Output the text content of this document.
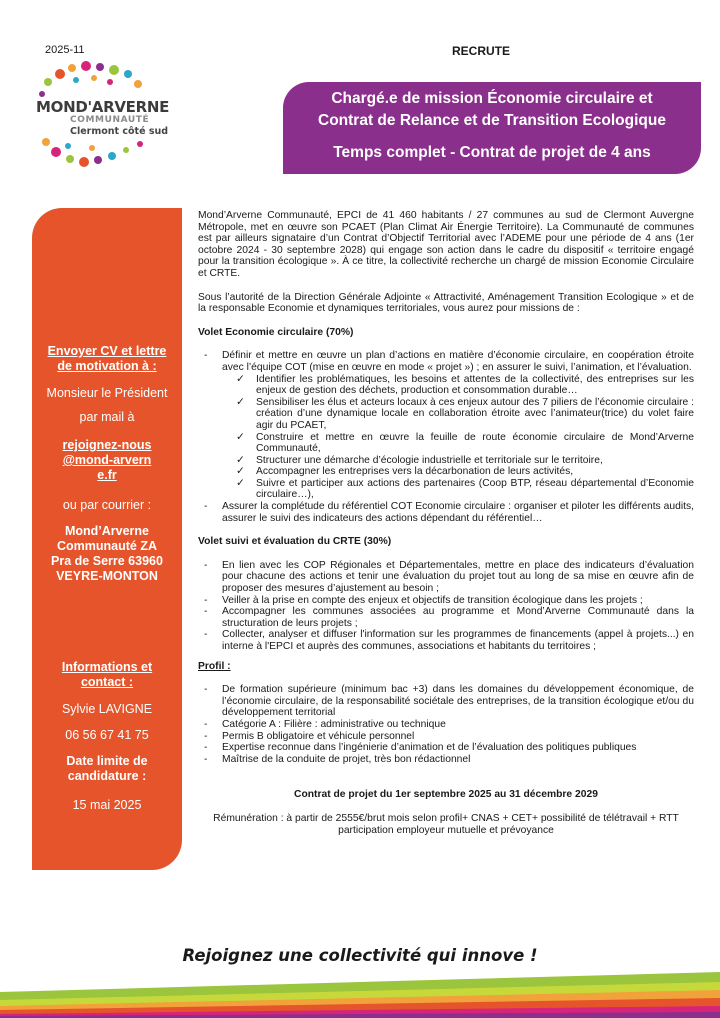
2025-11
MOND'ARVERNE
COMMUNAUTÉ
Clermont côté sud
RECRUTE
Chargé.e de mission Économie circulaire et
Contrat de Relance et de Transition Ecologique
Temps complet - Contrat de projet de 4 ans
Envoyer CV et lettre de motivation à :
Monsieur le Président
par mail à
rejoignez-nous@mond-arverne.fr
ou par courrier :
Mond’Arverne Communauté ZA Pra de Serre 63960 VEYRE-MONTON
Informations et contact :
Sylvie LAVIGNE
06 56 67 41 75
Date limite de candidature :
15 mai 2025

Mond’Arverne Communauté, EPCI de 41 460 habitants / 27 communes au sud de Clermont Auvergne Métropole, met en œuvre son PCAET (Plan Climat Air Énergie Territoire). La Communauté de communes est par ailleurs signataire d’un Contrat d’Objectif Territorial avec l’ADEME pour une période de 4 ans (1er octobre 2024 - 30 septembre 2028) qui engage son action dans le cadre du dispositif « territoire engagé pour la transition écologique ». À ce titre, la collectivité recherche un chargé de mission Economie Circulaire et CRTE.

Sous l’autorité de la Direction Générale Adjointe « Attractivité, Aménagement Transition Ecologique » et de la responsable Economie et dynamiques territoriales, vous aurez pour missions de :

Volet Economie circulaire (70%)

- Définir et mettre en œuvre un plan d’actions en matière d’économie circulaire, en coopération étroite avec l’équipe COT (mise en œuvre en mode « projet ») ; en assurer le suivi, l’animation, et l’évaluation.
✓ Identifier les problématiques, les besoins et attentes de la collectivité, des entreprises sur les enjeux de gestion des déchets, production et consommation durable…
✓ Sensibiliser les élus et acteurs locaux à ces enjeux autour des 7 piliers de l’économie circulaire : création d’une dynamique locale en collaboration étroite avec l’animateur(trice) du volet faire agir du PCAET,
✓ Construire et mettre en œuvre la feuille de route économie circulaire de Mond’Arverne Communauté,
✓ Structurer une démarche d’écologie industrielle et territoriale sur le territoire,
✓ Accompagner les entreprises vers la décarbonation de leurs activités,
✓ Suivre et participer aux actions des partenaires (Coop BTP, réseau départemental d’Economie circulaire…),
- Assurer la complétude du référentiel COT Economie circulaire : organiser et piloter les différents audits, assurer le suivi des indicateurs des actions dépendant du référentiel…

Volet suivi et évaluation du CRTE (30%)

- En lien avec les COP Régionales et Départementales, mettre en place des indicateurs d’évaluation pour chacune des actions et tenir une évaluation du projet tout au long de sa mise en œuvre afin de proposer des mesures d’ajustement au besoin ;
- Veiller à la prise en compte des enjeux et objectifs de transition écologique dans les projets ;
- Accompagner les communes associées au programme et Mond’Arverne Communauté dans la structuration de leurs projets ;
- Collecter, analyser et diffuser l'information sur les programmes de financements (appel à projets...) en interne à l'EPCI et auprès des communes, associations et habitants du territoires ;

Profil :

- De formation supérieure (minimum bac +3) dans les domaines du développement économique, de l’économie circulaire, de la responsabilité sociétale des entreprises, de la transition écologique et/ou du développement territorial
- Catégorie A : Filière : administrative ou technique
- Permis B obligatoire et véhicule personnel
- Expertise reconnue dans l’ingénierie d’animation et de l’évaluation des politiques publiques
- Maîtrise de la conduite de projet, très bon rédactionnel

Contrat de projet du 1er septembre 2025 au 31 décembre 2029

Rémunération : à partir de 2555€/brut mois selon profil+ CNAS + CET+ possibilité de télétravail + RTT participation employeur mutuelle et prévoyance

Rejoignez une collectivité qui innove !
